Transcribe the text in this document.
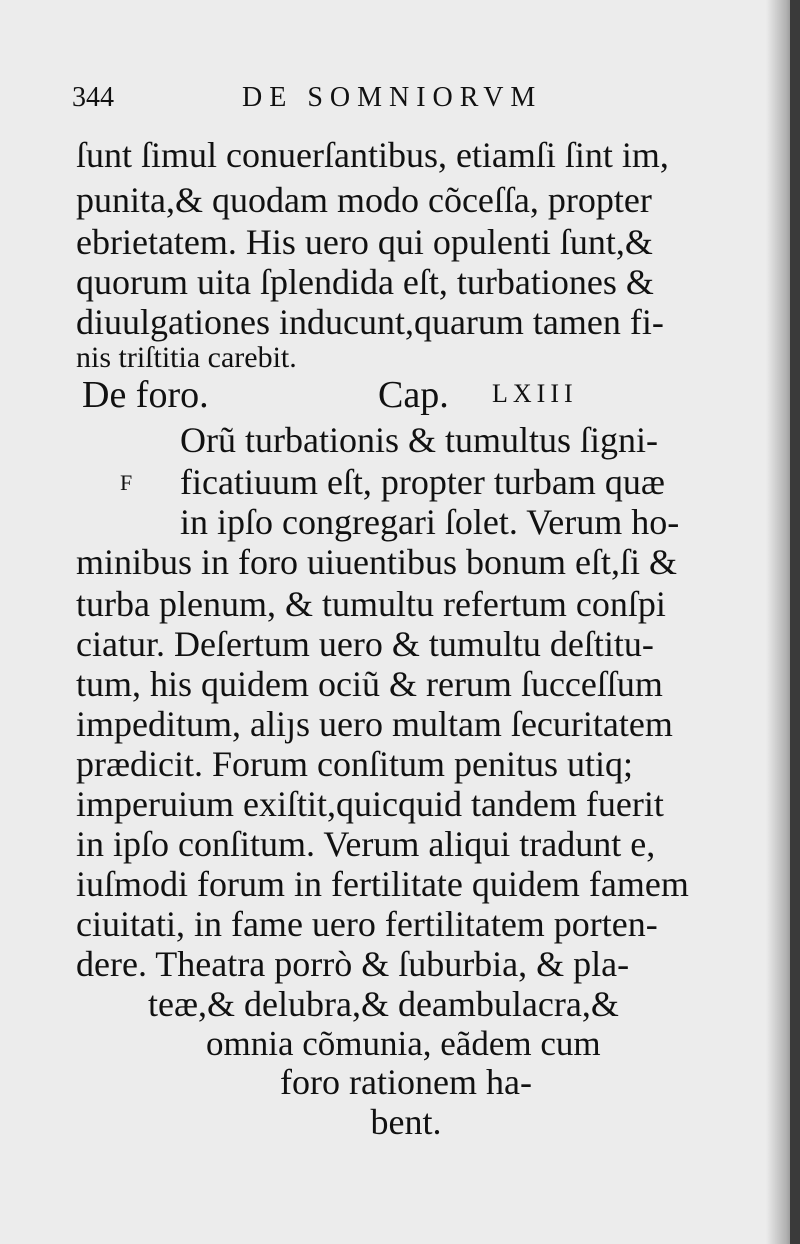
344	DE SOMNIORVM
ſunt ſimul conuerſantibus, etiamſi ſint im,
punita,& quodam modo cõceſſa, propter
ebrietatem. His uero qui opulenti ſunt,&
quorum uita ſplendida eſt, turbationes &
diuulgationes inducunt,quarum tamen fi-
nis triſtitia carebit.
De foro.	Cap. LXIII
F
Orũ turbationis & tumultus ſigni-
ficatiuum eſt, propter turbam quæ
in ipſo congregari ſolet. Verum ho-
minibus in foro uiuentibus bonum eſt,ſi &
turba plenum, & tumultu refertum conſpi
ciatur. Deſertum uero & tumultu deſtitu-
tum, his quidem ociũ & rerum ſucceſſum
impeditum, aliȷs uero multam ſecuritatem
prædicit. Forum conſitum penitus utiq;
imperuium exiſtit,quicquid tandem fuerit
in ipſo conſitum. Verum aliqui tradunt e,
iuſmodi forum in fertilitate quidem famem
ciuitati, in fame uero fertilitatem porten-
dere. Theatra porrò & ſuburbia, & pla-
teæ,& delubra,& deambulacra,&
omnia cõmunia, eãdem cum
foro rationem ha-
bent.
